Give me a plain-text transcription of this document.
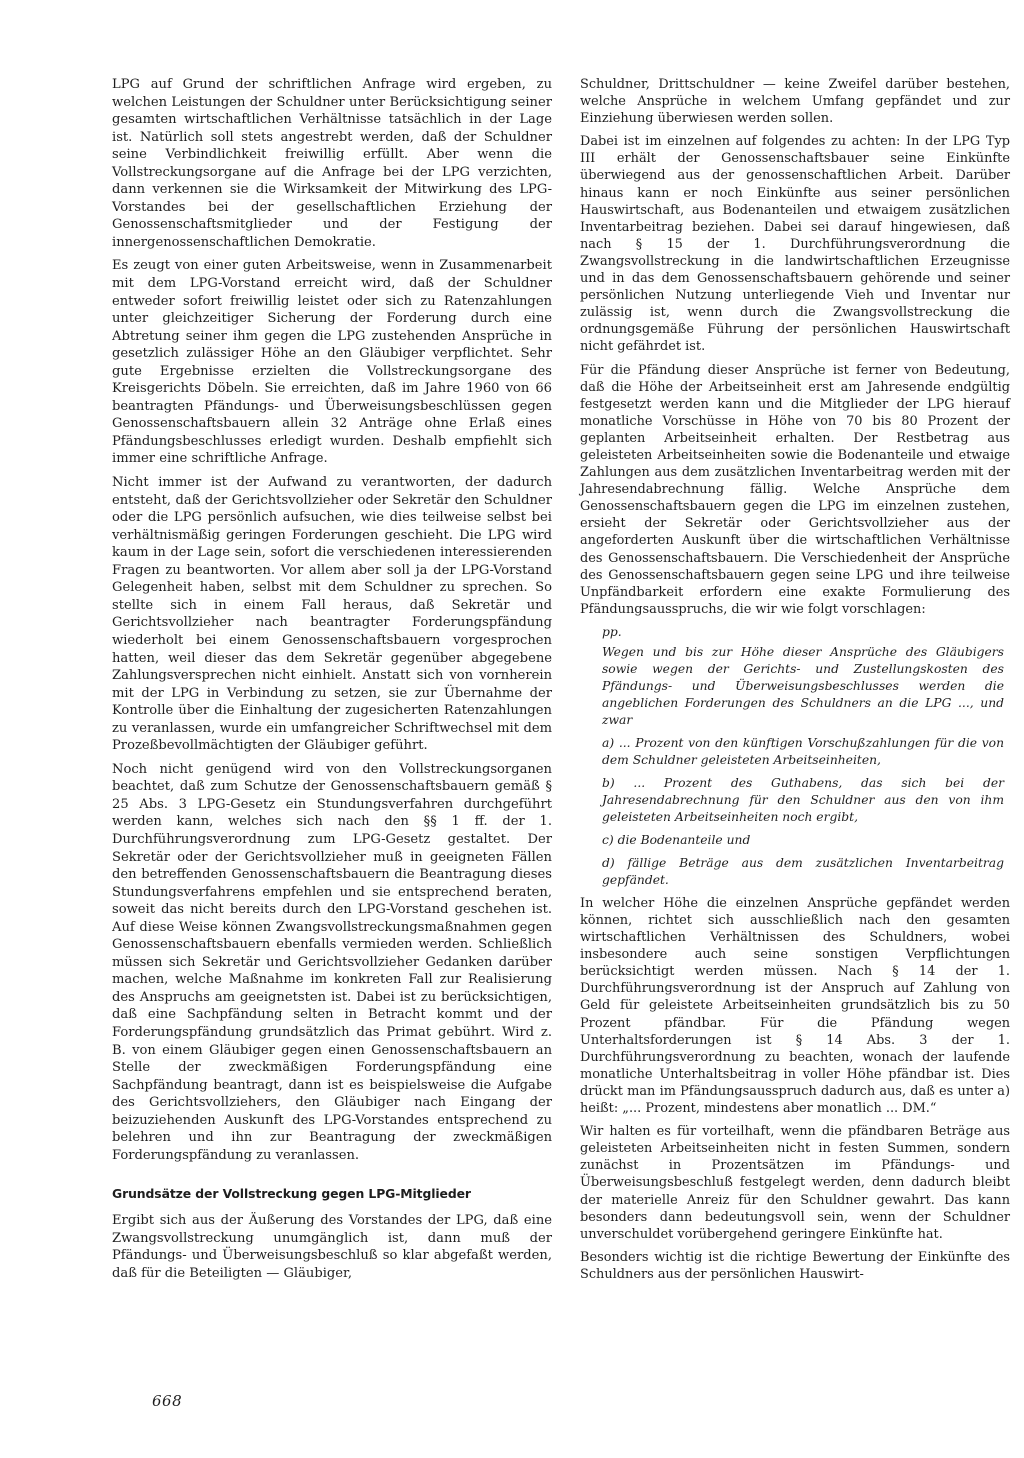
LPG auf Grund der schriftlichen Anfrage wird ergeben, zu welchen Leistungen der Schuldner unter Berücksichtigung seiner gesamten wirtschaftlichen Verhältnisse tatsächlich in der Lage ist. Natürlich soll stets angestrebt werden, daß der Schuldner seine Verbindlichkeit freiwillig erfüllt. Aber wenn die Vollstreckungsorgane auf die Anfrage bei der LPG verzichten, dann verkennen sie die Wirksamkeit der Mitwirkung des LPG-Vorstandes bei der gesellschaftlichen Erziehung der Genossenschaftsmitglieder und der Festigung der innergenossenschaftlichen Demokratie.

Es zeugt von einer guten Arbeitsweise, wenn in Zusammenarbeit mit dem LPG-Vorstand erreicht wird, daß der Schuldner entweder sofort freiwillig leistet oder sich zu Ratenzahlungen unter gleichzeitiger Sicherung der Forderung durch eine Abtretung seiner ihm gegen die LPG zustehenden Ansprüche in gesetzlich zulässiger Höhe an den Gläubiger verpflichtet. Sehr gute Ergebnisse erzielten die Vollstreckungsorgane des Kreisgerichts Döbeln. Sie erreichten, daß im Jahre 1960 von 66 beantragten Pfändungs- und Überweisungsbeschlüssen gegen Genossenschaftsbauern allein 32 Anträge ohne Erlaß eines Pfändungsbeschlusses erledigt wurden. Deshalb empfiehlt sich immer eine schriftliche Anfrage.

Nicht immer ist der Aufwand zu verantworten, der dadurch entsteht, daß der Gerichtsvollzieher oder Sekretär den Schuldner oder die LPG persönlich aufsuchen, wie dies teilweise selbst bei verhältnismäßig geringen Forderungen geschieht. Die LPG wird kaum in der Lage sein, sofort die verschiedenen interessierenden Fragen zu beantworten. Vor allem aber soll ja der LPG-Vorstand Gelegenheit haben, selbst mit dem Schuldner zu sprechen. So stellte sich in einem Fall heraus, daß Sekretär und Gerichtsvollzieher nach beantragter Forderungspfändung wiederholt bei einem Genossenschaftsbauern vorgesprochen hatten, weil dieser das dem Sekretär gegenüber abgegebene Zahlungsversprechen nicht einhielt. Anstatt sich von vornherein mit der LPG in Verbindung zu setzen, sie zur Übernahme der Kontrolle über die Einhaltung der zugesicherten Ratenzahlungen zu veranlassen, wurde ein umfangreicher Schriftwechsel mit dem Prozeßbevollmächtigten der Gläubiger geführt.

Noch nicht genügend wird von den Vollstreckungsorganen beachtet, daß zum Schutze der Genossenschaftsbauern gemäß § 25 Abs. 3 LPG-Gesetz ein Stundungsverfahren durchgeführt werden kann, welches sich nach den §§ 1 ff. der 1. Durchführungsverordnung zum LPG-Gesetz gestaltet. Der Sekretär oder der Gerichtsvollzieher muß in geeigneten Fällen den betreffenden Genossenschaftsbauern die Beantragung dieses Stundungsverfahrens empfehlen und sie entsprechend beraten, soweit das nicht bereits durch den LPG-Vorstand geschehen ist. Auf diese Weise können Zwangsvollstreckungsmaßnahmen gegen Genossenschaftsbauern ebenfalls vermieden werden. Schließlich müssen sich Sekretär und Gerichtsvollzieher Gedanken darüber machen, welche Maßnahme im konkreten Fall zur Realisierung des Anspruchs am geeignetsten ist. Dabei ist zu berücksichtigen, daß eine Sachpfändung selten in Betracht kommt und der Forderungspfändung grundsätzlich das Primat gebührt. Wird z. B. von einem Gläubiger gegen einen Genossenschaftsbauern an Stelle der zweckmäßigen Forderungspfändung eine Sachpfändung beantragt, dann ist es beispielsweise die Aufgabe des Gerichtsvollziehers, den Gläubiger nach Eingang der beizuziehenden Auskunft des LPG-Vorstandes entsprechend zu belehren und ihn zur Beantragung der zweckmäßigen Forderungspfändung zu veranlassen.

Grundsätze der Vollstreckung gegen LPG-Mitglieder

Ergibt sich aus der Äußerung des Vorstandes der LPG, daß eine Zwangsvollstreckung unumgänglich ist, dann muß der Pfändungs- und Überweisungsbeschluß so klar abgefaßt werden, daß für die Beteiligten — Gläubiger,

Schuldner, Drittschuldner — keine Zweifel darüber bestehen, welche Ansprüche in welchem Umfang gepfändet und zur Einziehung überwiesen werden sollen.

Dabei ist im einzelnen auf folgendes zu achten: In der LPG Typ III erhält der Genossenschaftsbauer seine Einkünfte überwiegend aus der genossenschaftlichen Arbeit. Darüber hinaus kann er noch Einkünfte aus seiner persönlichen Hauswirtschaft, aus Bodenanteilen und etwaigem zusätzlichen Inventarbeitrag beziehen. Dabei sei darauf hingewiesen, daß nach § 15 der 1. Durchführungsverordnung die Zwangsvollstreckung in die landwirtschaftlichen Erzeugnisse und in das dem Genossenschaftsbauern gehörende und seiner persönlichen Nutzung unterliegende Vieh und Inventar nur zulässig ist, wenn durch die Zwangsvollstreckung die ordnungsgemäße Führung der persönlichen Hauswirtschaft nicht gefährdet ist.

Für die Pfändung dieser Ansprüche ist ferner von Bedeutung, daß die Höhe der Arbeitseinheit erst am Jahresende endgültig festgesetzt werden kann und die Mitglieder der LPG hierauf monatliche Vorschüsse in Höhe von 70 bis 80 Prozent der geplanten Arbeitseinheit erhalten. Der Restbetrag aus geleisteten Arbeitseinheiten sowie die Bodenanteile und etwaige Zahlungen aus dem zusätzlichen Inventarbeitrag werden mit der Jahresendabrechnung fällig. Welche Ansprüche dem Genossenschaftsbauern gegen die LPG im einzelnen zustehen, ersieht der Sekretär oder Gerichtsvollzieher aus der angeforderten Auskunft über die wirtschaftlichen Verhältnisse des Genossenschaftsbauern. Die Verschiedenheit der Ansprüche des Genossenschaftsbauern gegen seine LPG und ihre teilweise Unpfändbarkeit erfordern eine exakte Formulierung des Pfändungsausspruchs, die wir wie folgt vorschlagen:

pp.
Wegen und bis zur Höhe dieser Ansprüche des Gläubigers sowie wegen der Gerichts- und Zustellungskosten des Pfändungs- und Überweisungsbeschlusses werden die angeblichen Forderungen des Schuldners an die LPG ..., und zwar
a) ... Prozent von den künftigen Vorschußzahlungen für die von dem Schuldner geleisteten Arbeitseinheiten,
b) ... Prozent des Guthabens, das sich bei der Jahresendabrechnung für den Schuldner aus den von ihm geleisteten Arbeitseinheiten noch ergibt,
c) die Bodenanteile und
d) fällige Beträge aus dem zusätzlichen Inventarbeitrag gepfändet.

In welcher Höhe die einzelnen Ansprüche gepfändet werden können, richtet sich ausschließlich nach den gesamten wirtschaftlichen Verhältnissen des Schuldners, wobei insbesondere auch seine sonstigen Verpflichtungen berücksichtigt werden müssen. Nach § 14 der 1. Durchführungsverordnung ist der Anspruch auf Zahlung von Geld für geleistete Arbeitseinheiten grundsätzlich bis zu 50 Prozent pfändbar. Für die Pfändung wegen Unterhaltsforderungen ist § 14 Abs. 3 der 1. Durchführungsverordnung zu beachten, wonach der laufende monatliche Unterhaltsbeitrag in voller Höhe pfändbar ist. Dies drückt man im Pfändungsausspruch dadurch aus, daß es unter a) heißt: „... Prozent, mindestens aber monatlich ... DM.“

Wir halten es für vorteilhaft, wenn die pfändbaren Beträge aus geleisteten Arbeitseinheiten nicht in festen Summen, sondern zunächst in Prozentsätzen im Pfändungs- und Überweisungsbeschluß festgelegt werden, denn dadurch bleibt der materielle Anreiz für den Schuldner gewahrt. Das kann besonders dann bedeutungsvoll sein, wenn der Schuldner unverschuldet vorübergehend geringere Einkünfte hat.

Besonders wichtig ist die richtige Bewertung der Einkünfte des Schuldners aus der persönlichen Hauswirt-

668
